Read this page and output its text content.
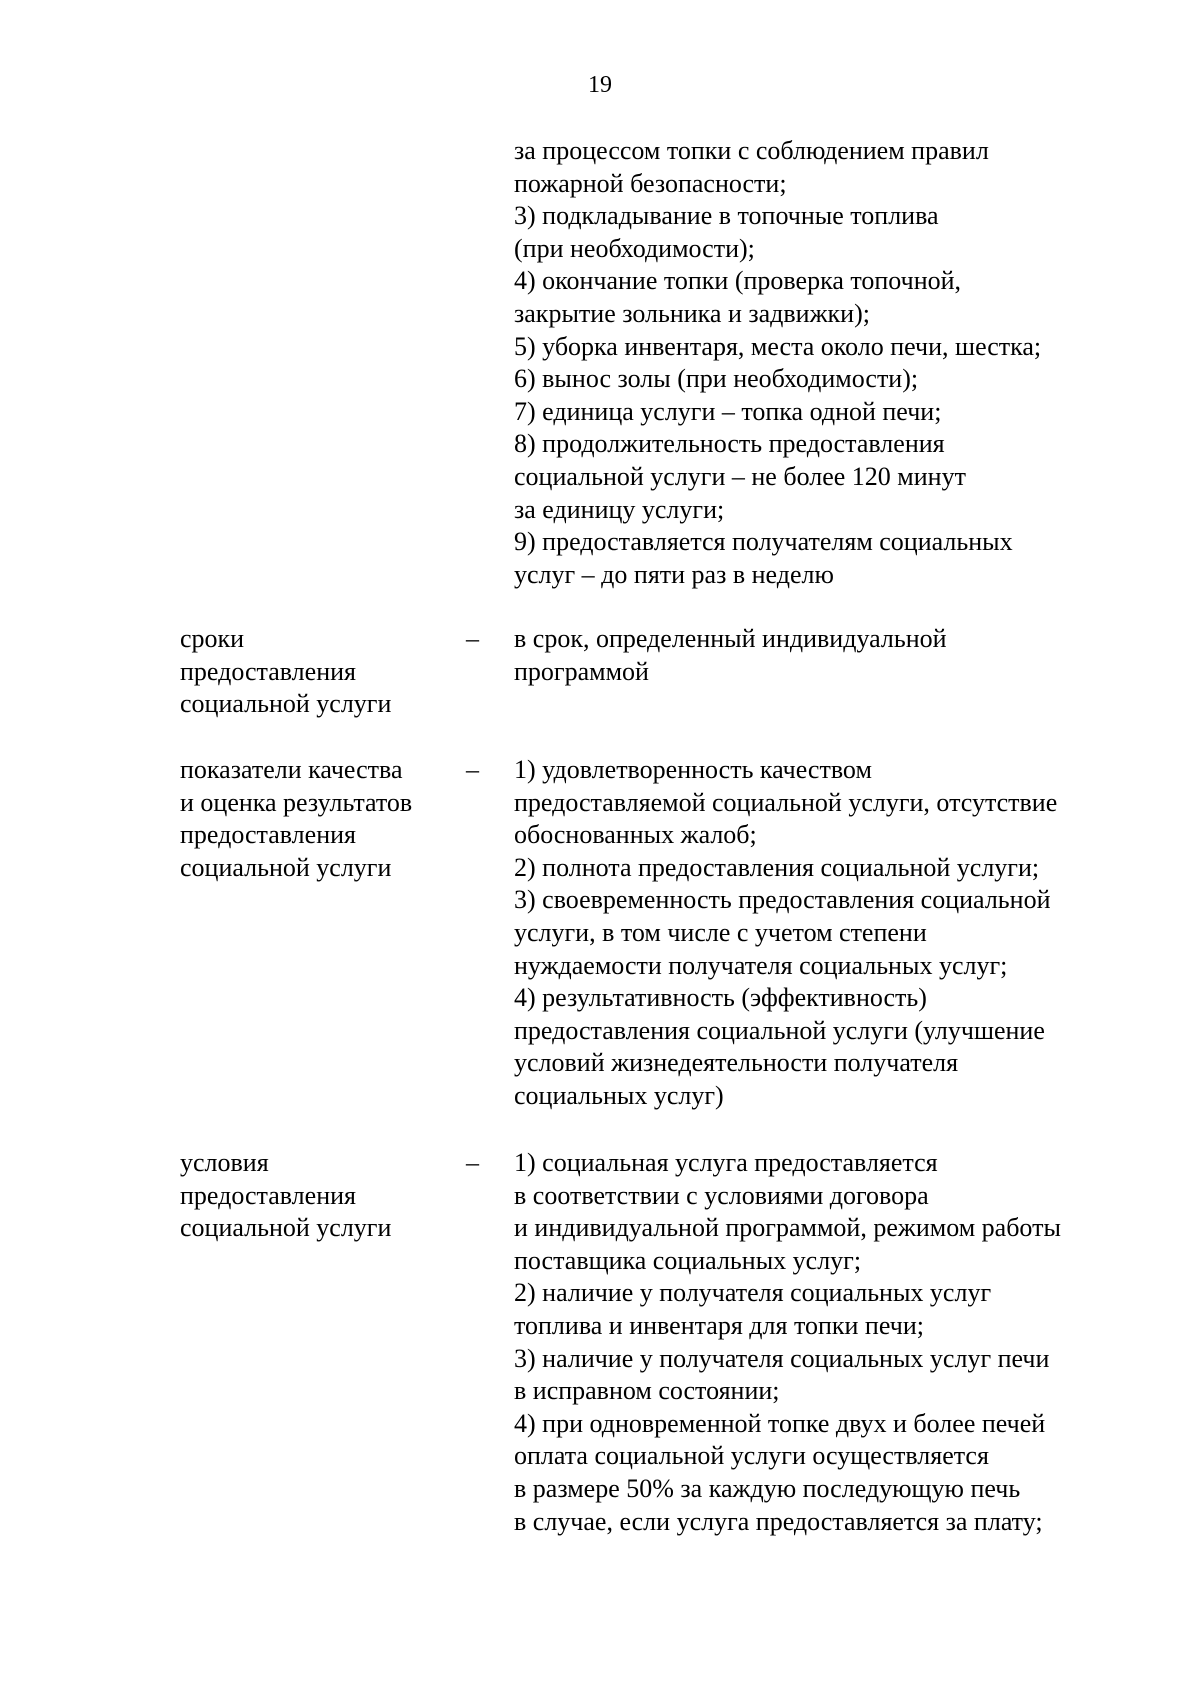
19
за процессом топки с соблюдением правил
пожарной безопасности;
3) подкладывание в топочные топлива
(при необходимости);
4) окончание топки (проверка топочной,
закрытие зольника и задвижки);
5) уборка инвентаря, места около печи, шестка;
6) вынос золы (при необходимости);
7) единица услуги – топка одной печи;
8) продолжительность предоставления
социальной услуги – не более 120 минут
за единицу услуги;
9) предоставляется получателям социальных
услуг – до пяти раз в неделю
сроки
предоставления
социальной услуги
– в срок, определенный индивидуальной
программой
показатели качества
и оценка результатов
предоставления
социальной услуги
– 1) удовлетворенность качеством
предоставляемой социальной услуги, отсутствие
обоснованных жалоб;
2) полнота предоставления социальной услуги;
3) своевременность предоставления социальной
услуги, в том числе с учетом степени
нуждаемости получателя социальных услуг;
4) результативность (эффективность)
предоставления социальной услуги (улучшение
условий жизнедеятельности получателя
социальных услуг)
условия
предоставления
социальной услуги
– 1) социальная услуга предоставляется
в соответствии с условиями договора
и индивидуальной программой, режимом работы
поставщика социальных услуг;
2) наличие у получателя социальных услуг
топлива и инвентаря для топки печи;
3) наличие у получателя социальных услуг печи
в исправном состоянии;
4) при одновременной топке двух и более печей
оплата социальной услуги осуществляется
в размере 50% за каждую последующую печь
в случае, если услуга предоставляется за плату;
